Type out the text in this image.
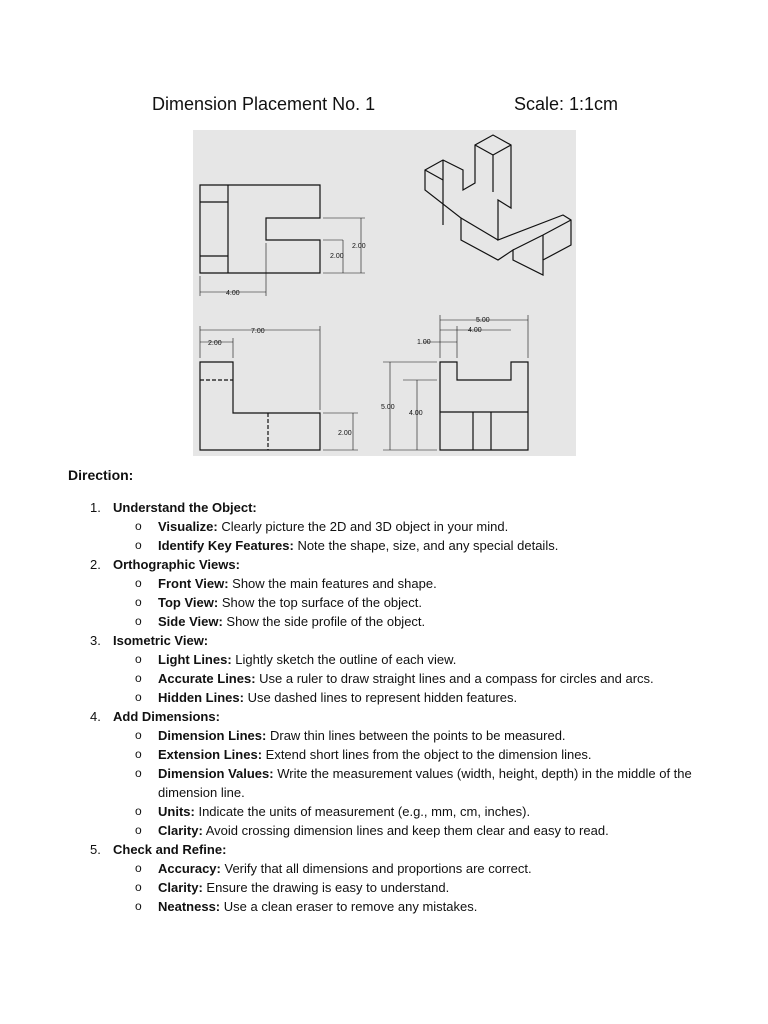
Dimension Placement No. 1	Scale: 1:1cm
2.00
2.00
4.00
7.00
2.00
2.00
5.00
4.00
1.00
5.00
4.00
Direction:
1. Understand the Object:
o	Visualize: Clearly picture the 2D and 3D object in your mind.
o	Identify Key Features: Note the shape, size, and any special details.
2. Orthographic Views:
o	Front View: Show the main features and shape.
o	Top View: Show the top surface of the object.
o	Side View: Show the side profile of the object.
3. Isometric View:
o	Light Lines: Lightly sketch the outline of each view.
o	Accurate Lines: Use a ruler to draw straight lines and a compass for circles and arcs.
o	Hidden Lines: Use dashed lines to represent hidden features.
4. Add Dimensions:
o	Dimension Lines: Draw thin lines between the points to be measured.
o	Extension Lines: Extend short lines from the object to the dimension lines.
o	Dimension Values: Write the measurement values (width, height, depth) in the middle of the dimension line.
o	Units: Indicate the units of measurement (e.g., mm, cm, inches).
o	Clarity: Avoid crossing dimension lines and keep them clear and easy to read.
5. Check and Refine:
o	Accuracy: Verify that all dimensions and proportions are correct.
o	Clarity: Ensure the drawing is easy to understand.
o	Neatness: Use a clean eraser to remove any mistakes.
